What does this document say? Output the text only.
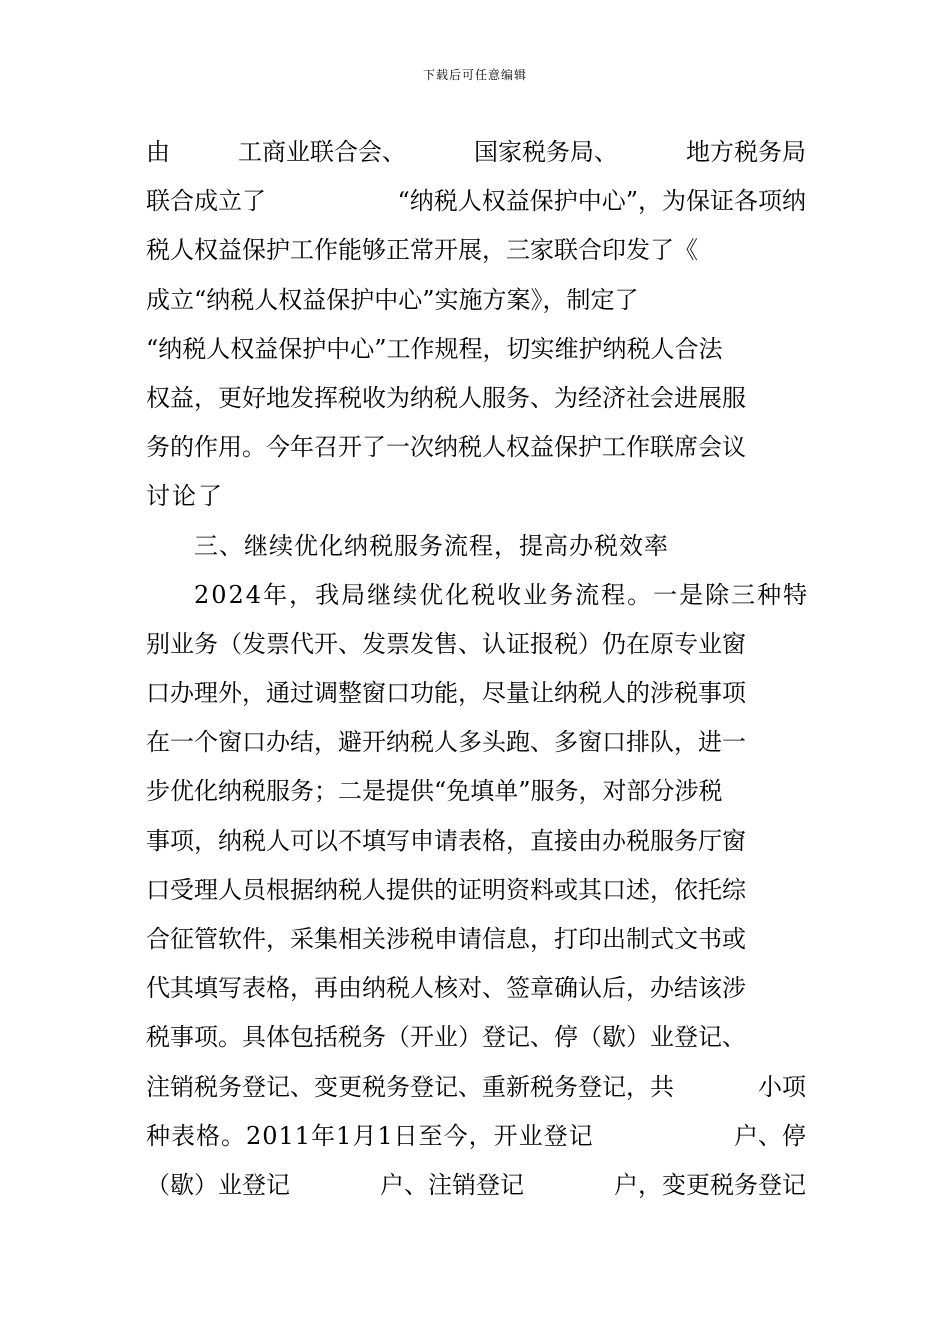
下载后可任意编辑
由	工商业联合会、	国家税务局、	地方税务局
联合成立了	“纳税人权益保护中心”，为保证各项纳
税人权益保护工作能够正常开展，三家联合印发了《
成立“纳税人权益保护中心”实施方案》，制定了
“纳税人权益保护中心”工作规程，切实维护纳税人合法
权益，更好地发挥税收为纳税人服务、为经济社会进展服
务的作用。今年召开了一次纳税人权益保护工作联席会议
讨论了
三、继续优化纳税服务流程，提高办税效率
2024年，我局继续优化税收业务流程。一是除三种特
别业务（发票代开、发票发售、认证报税）仍在原专业窗
口办理外，通过调整窗口功能，尽量让纳税人的涉税事项
在一个窗口办结，避开纳税人多头跑、多窗口排队，进一
步优化纳税服务；二是提供“免填单”服务，对部分涉税
事项，纳税人可以不填写申请表格，直接由办税服务厅窗
口受理人员根据纳税人提供的证明资料或其口述，依托综
合征管软件，采集相关涉税申请信息，打印出制式文书或
代其填写表格，再由纳税人核对、签章确认后，办结该涉
税事项。具体包括税务（开业）登记、停（歇）业登记、
注销税务登记、变更税务登记、重新税务登记，共	小项
种表格。2011年1月1日至今，开业登记	户、停
（歇）业登记	户、注销登记	户，变更税务登记
